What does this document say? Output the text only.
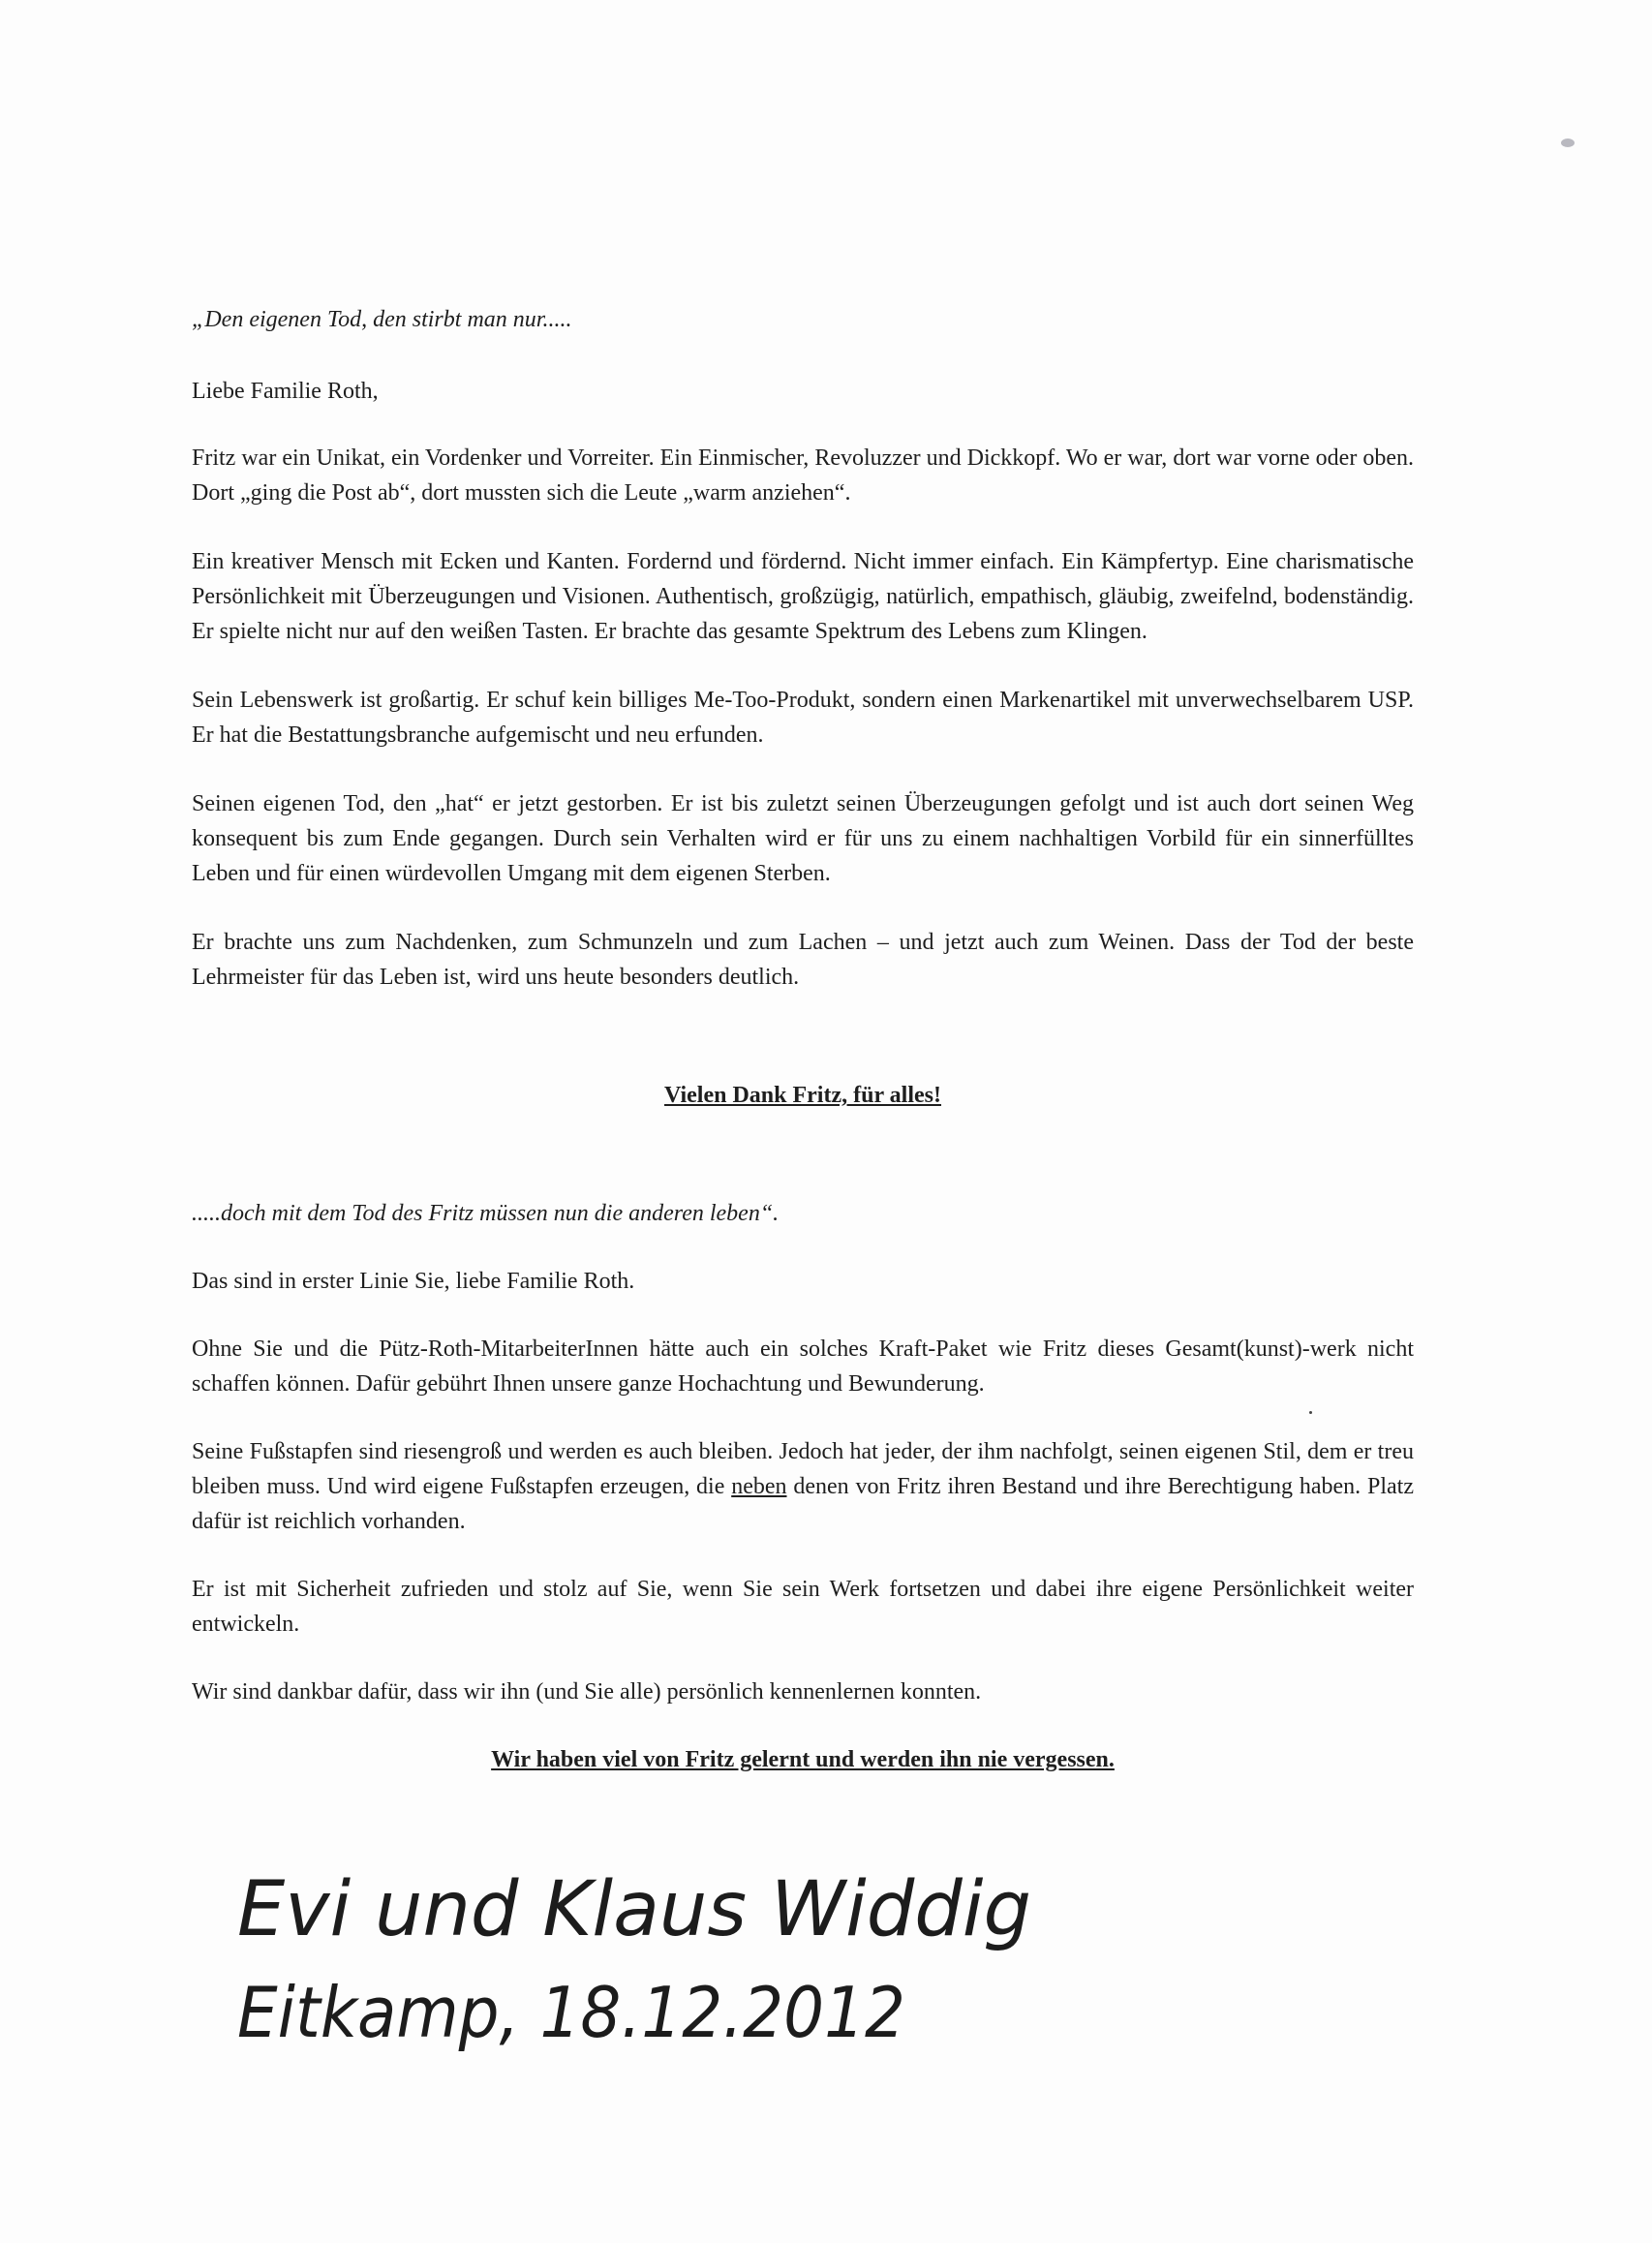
„Den eigenen Tod, den stirbt man nur.....

Liebe Familie Roth,

Fritz war ein Unikat, ein Vordenker und Vorreiter. Ein Einmischer, Revoluzzer und Dickkopf. Wo er war, dort war vorne oder oben. Dort „ging die Post ab“, dort mussten sich die Leute „warm anziehen“.

Ein kreativer Mensch mit Ecken und Kanten. Fordernd und fördernd. Nicht immer einfach. Ein Kämpfertyp. Eine charismatische Persönlichkeit mit Überzeugungen und Visionen. Authentisch, großzügig, natürlich, empathisch, gläubig, zweifelnd, bodenständig. Er spielte nicht nur auf den weißen Tasten. Er brachte das gesamte Spektrum des Lebens zum Klingen.

Sein Lebenswerk ist großartig. Er schuf kein billiges Me-Too-Produkt, sondern einen Markenartikel mit unverwechselbarem USP. Er hat die Bestattungsbranche aufgemischt und neu erfunden.

Seinen eigenen Tod, den „hat“ er jetzt gestorben. Er ist bis zuletzt seinen Überzeugungen gefolgt und ist auch dort seinen Weg konsequent bis zum Ende gegangen. Durch sein Verhalten wird er für uns zu einem nachhaltigen Vorbild für ein sinnerfülltes Leben und für einen würdevollen Umgang mit dem eigenen Sterben.

Er brachte uns zum Nachdenken, zum Schmunzeln und zum Lachen – und jetzt auch zum Weinen. Dass der Tod der beste Lehrmeister für das Leben ist, wird uns heute besonders deutlich.

Vielen Dank Fritz, für alles!

.....doch mit dem Tod des Fritz müssen nun die anderen leben“.

Das sind in erster Linie Sie, liebe Familie Roth.

Ohne Sie und die Pütz-Roth-MitarbeiterInnen hätte auch ein solches Kraft-Paket wie Fritz dieses Gesamt(kunst)-werk nicht schaffen können. Dafür gebührt Ihnen unsere ganze Hochachtung und Bewunderung.

Seine Fußstapfen sind riesengroß und werden es auch bleiben. Jedoch hat jeder, der ihm nachfolgt, seinen eigenen Stil, dem er treu bleiben muss. Und wird eigene Fußstapfen erzeugen, die neben denen von Fritz ihren Bestand und ihre Berechtigung haben. Platz dafür ist reichlich vorhanden.

Er ist mit Sicherheit zufrieden und stolz auf Sie, wenn Sie sein Werk fortsetzen und dabei ihre eigene Persönlichkeit weiter entwickeln.

Wir sind dankbar dafür, dass wir ihn (und Sie alle) persönlich kennenlernen konnten.

Wir haben viel von Fritz gelernt und werden ihn nie vergessen.

Evi und Klaus Widdig
Eitkamp, 18.12.2012
